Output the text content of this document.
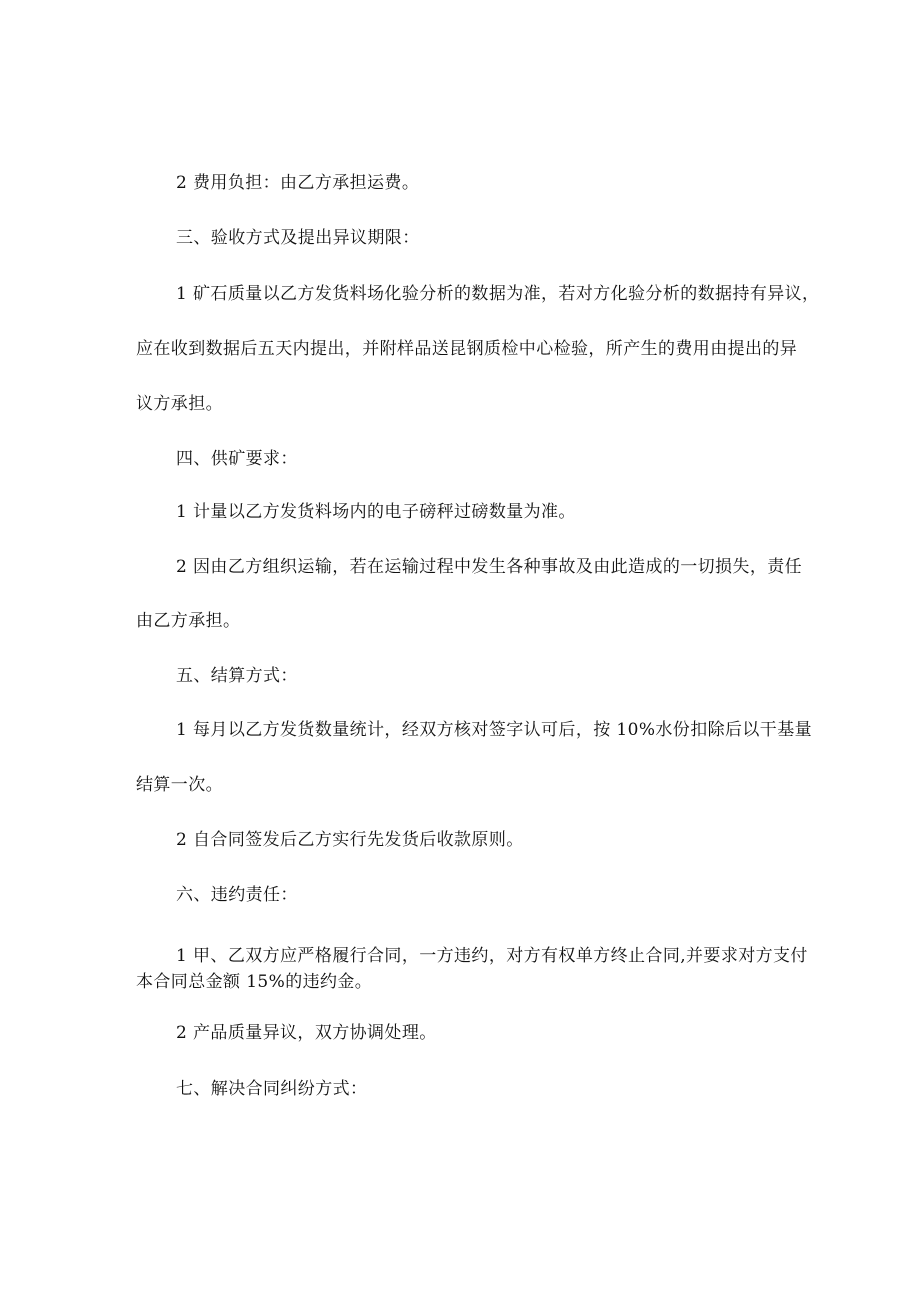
2 费用负担：由乙方承担运费。
三、验收方式及提出异议期限：
1 矿石质量以乙方发货料场化验分析的数据为准，若对方化验分析的数据持有异议，
应在收到数据后五天内提出，并附样品送昆钢质检中心检验，所产生的费用由提出的异
议方承担。
四、供矿要求：
1 计量以乙方发货料场内的电子磅秤过磅数量为准。
2 因由乙方组织运输，若在运输过程中发生各种事故及由此造成的一切损失，责任
由乙方承担。
五、结算方式：
1 每月以乙方发货数量统计，经双方核对签字认可后，按 10%水份扣除后以干基量
结算一次。
2 自合同签发后乙方实行先发货后收款原则。
六、违约责任：
1 甲、乙双方应严格履行合同，一方违约，对方有权单方终止合同,并要求对方支付
本合同总金额 15%的违约金。
2 产品质量异议，双方协调处理。
七、解决合同纠纷方式：
